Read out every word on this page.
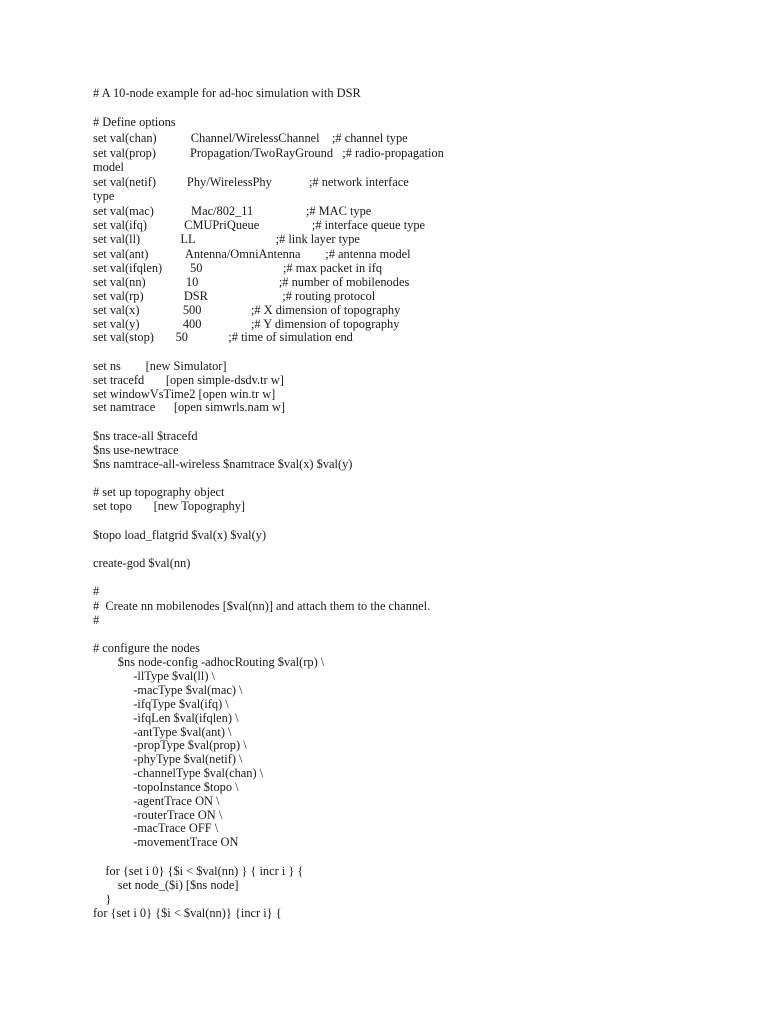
# A 10-node example for ad-hoc simulation with DSR
# Define options
set val(chan)           Channel/WirelessChannel    ;# channel type
set val(prop)           Propagation/TwoRayGround   ;# radio-propagation
model
set val(netif)          Phy/WirelessPhy            ;# network interface
type
set val(mac)            Mac/802_11                 ;# MAC type
set val(ifq)            CMUPriQueue                 ;# interface queue type
set val(ll)             LL                          ;# link layer type
set val(ant)            Antenna/OmniAntenna        ;# antenna model
set val(ifqlen)         50                          ;# max packet in ifq
set val(nn)             10                          ;# number of mobilenodes
set val(rp)             DSR                        ;# routing protocol
set val(x)              500                ;# X dimension of topography
set val(y)              400                ;# Y dimension of topography
set val(stop)       50             ;# time of simulation end
set ns        [new Simulator]
set tracefd       [open simple-dsdv.tr w]
set windowVsTime2 [open win.tr w]
set namtrace      [open simwrls.nam w]
$ns trace-all $tracefd
$ns use-newtrace
$ns namtrace-all-wireless $namtrace $val(x) $val(y)
# set up topography object
set topo       [new Topography]
$topo load_flatgrid $val(x) $val(y)
create-god $val(nn)
#
#  Create nn mobilenodes [$val(nn)] and attach them to the channel.
#
# configure the nodes
$ns node-config -adhocRouting $val(rp) \
-llType $val(ll) \
-macType $val(mac) \
-ifqType $val(ifq) \
-ifqLen $val(ifqlen) \
-antType $val(ant) \
-propType $val(prop) \
-phyType $val(netif) \
-channelType $val(chan) \
-topoInstance $topo \
-agentTrace ON \
-routerTrace ON \
-macTrace OFF \
-movementTrace ON
for {set i 0} {$i < $val(nn) } { incr i } {
set node_($i) [$ns node]
}
for {set i 0} {$i < $val(nn)} {incr i} {
